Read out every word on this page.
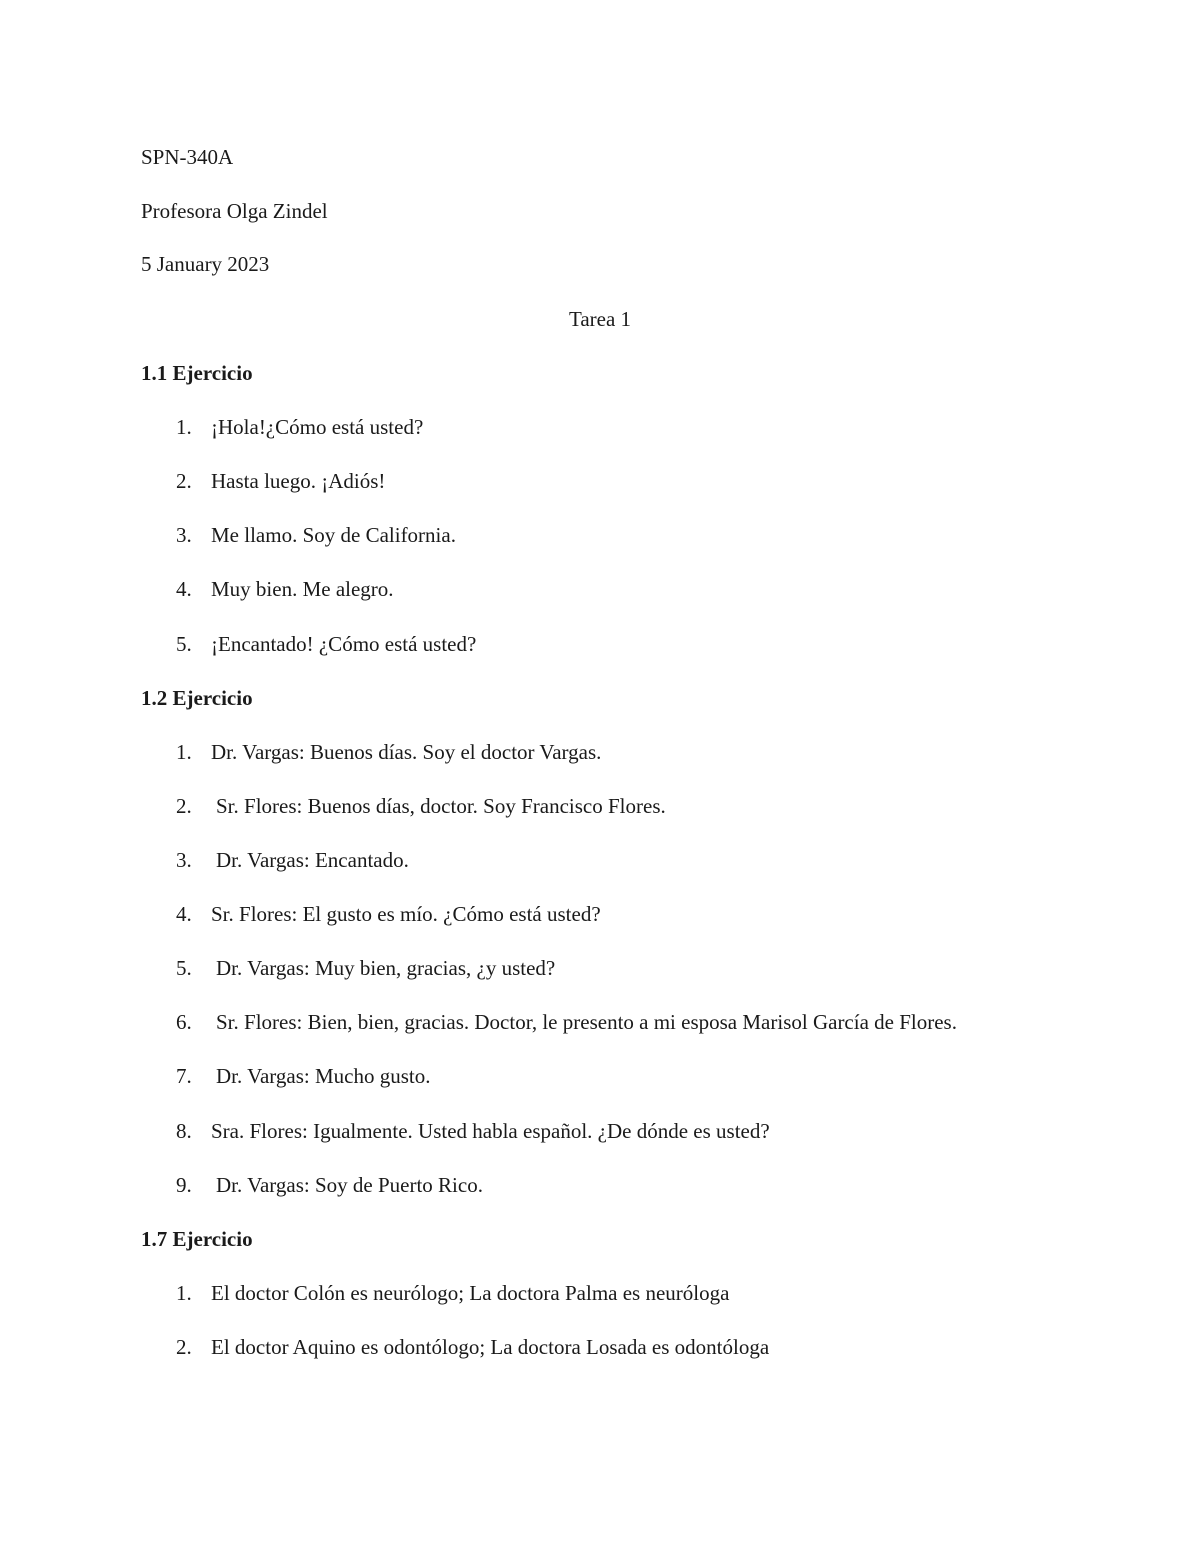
SPN-340A
Profesora Olga Zindel
5 January 2023
Tarea 1
1.1 Ejercicio
1. ¡Hola!¿Cómo está usted?
2. Hasta luego. ¡Adiós!
3. Me llamo. Soy de California.
4. Muy bien. Me alegro.
5. ¡Encantado! ¿Cómo está usted?
1.2 Ejercicio
1. Dr. Vargas: Buenos días. Soy el doctor Vargas.
2.	Sr. Flores: Buenos días, doctor. Soy Francisco Flores.
3.	Dr. Vargas: Encantado.
4. Sr. Flores: El gusto es mío. ¿Cómo está usted?
5.	Dr. Vargas: Muy bien, gracias, ¿y usted?
6.	Sr. Flores: Bien, bien, gracias. Doctor, le presento a mi esposa Marisol García de Flores.
7.	Dr. Vargas: Mucho gusto.
8. Sra. Flores: Igualmente. Usted habla español. ¿De dónde es usted?
9.	Dr. Vargas: Soy de Puerto Rico.
1.7 Ejercicio
1. El doctor Colón es neurólogo; La doctora Palma es neuróloga
2. El doctor Aquino es odontólogo; La doctora Losada es odontóloga
